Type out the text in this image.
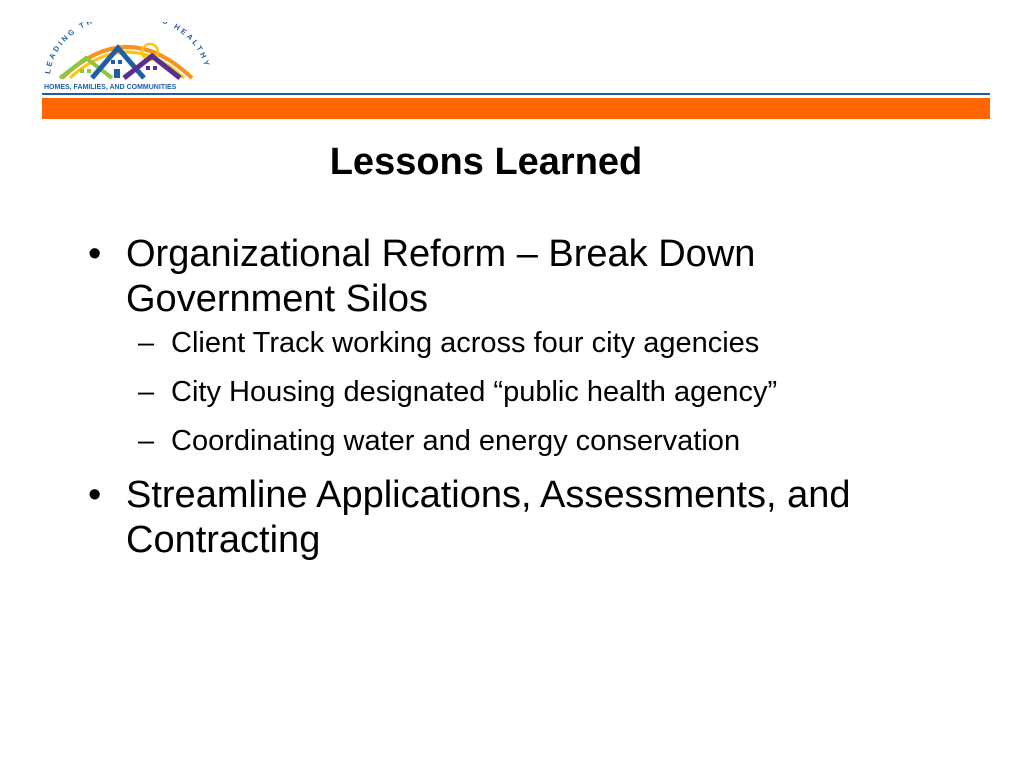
LEADING T HEALTHY
HOMES, FAMILIES, AND COMMUNITIES
Lessons Learned
• Organizational Reform – Break Down Government Silos
– Client Track working across four city agencies
– City Housing designated “public health agency”
– Coordinating water and energy conservation
• Streamline Applications, Assessments, and Contracting
